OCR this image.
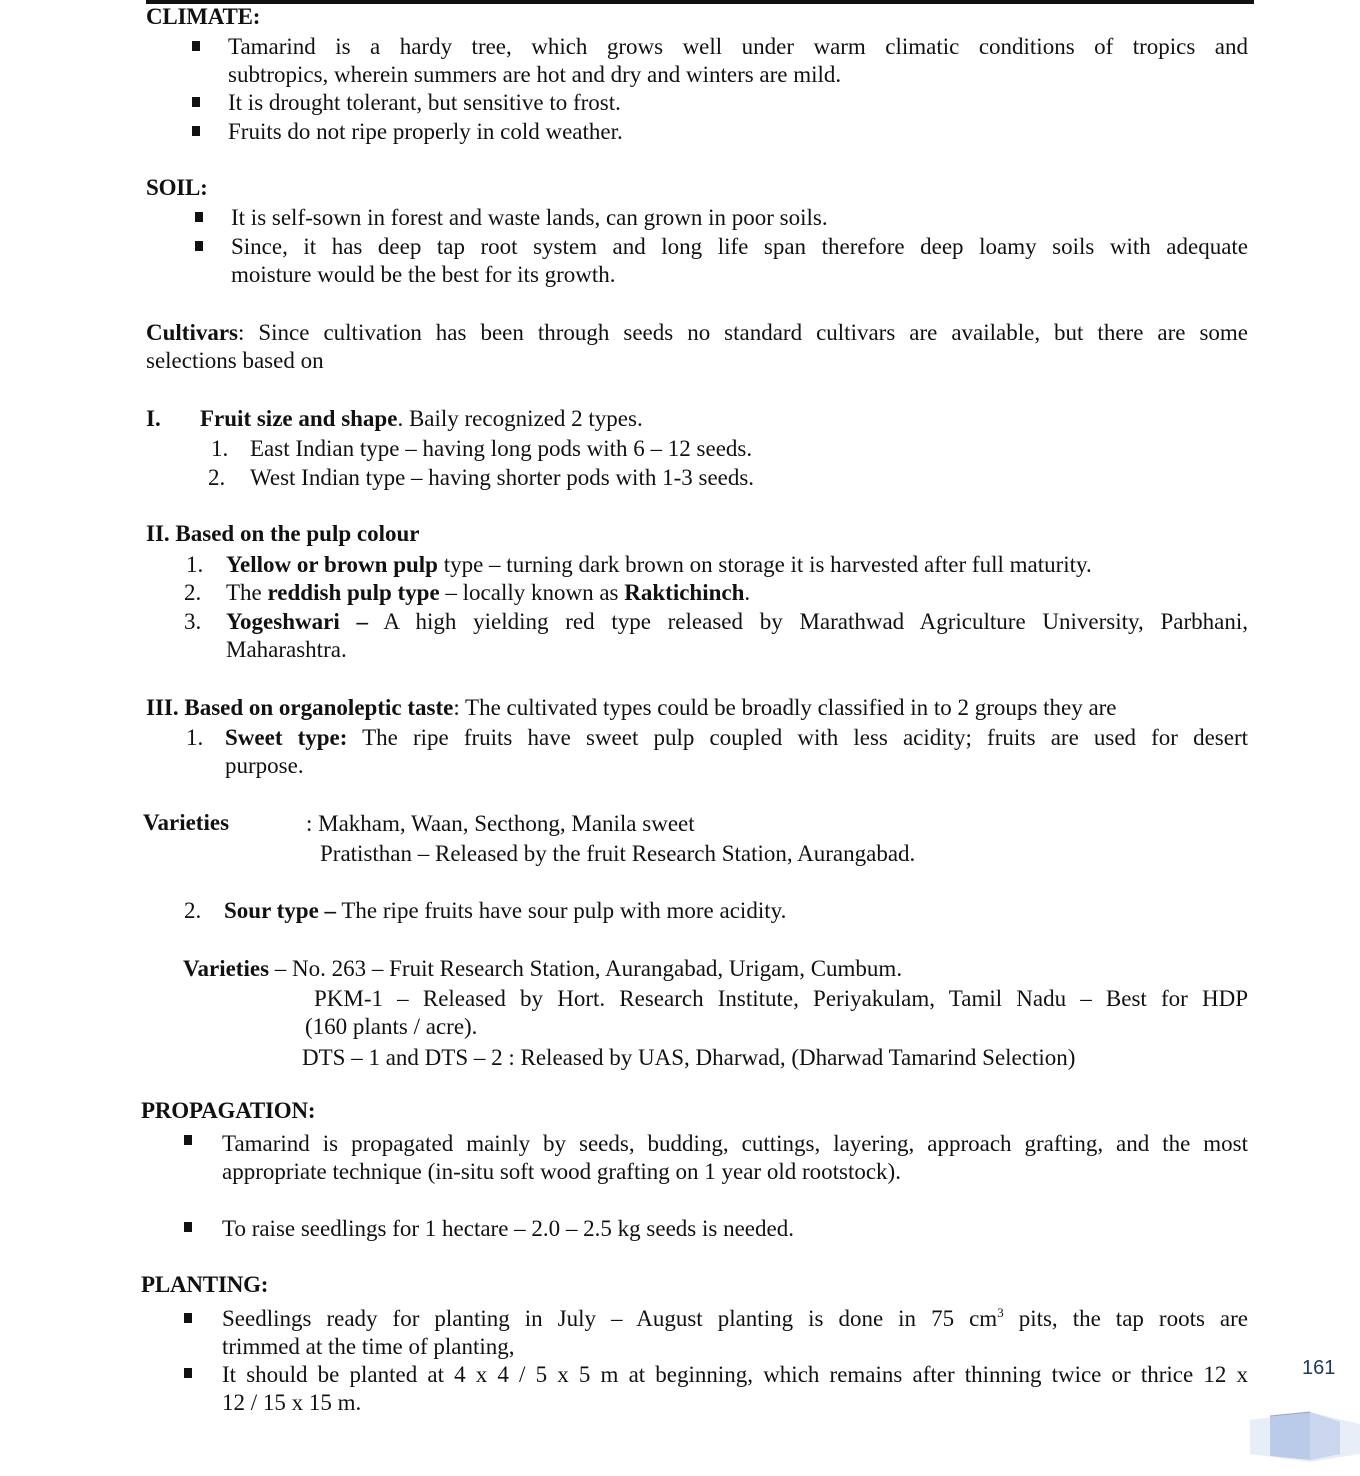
CLIMATE:
Tamarind is a hardy tree, which grows well under warm climatic conditions of tropics and
subtropics, wherein summers are hot and dry and winters are mild.
It is drought tolerant, but sensitive to frost.
Fruits do not ripe properly in cold weather.
SOIL:
It is self-sown in forest and waste lands, can grown in poor soils.
Since, it has deep tap root system and long life span therefore deep loamy soils with adequate
moisture would be the best for its growth.
Cultivars: Since cultivation has been through seeds no standard cultivars are available, but there are some
selections based on
I. Fruit size and shape. Baily recognized 2 types.
1. East Indian type – having long pods with 6 – 12 seeds.
2. West Indian type – having shorter pods with 1-3 seeds.
II. Based on the pulp colour
1. Yellow or brown pulp type – turning dark brown on storage it is harvested after full maturity.
2. The reddish pulp type – locally known as Raktichinch.
3. Yogeshwari – A high yielding red type released by Marathwad Agriculture University, Parbhani,
Maharashtra.
III. Based on organoleptic taste: The cultivated types could be broadly classified in to 2 groups they are
1. Sweet type: The ripe fruits have sweet pulp coupled with less acidity; fruits are used for desert
purpose.
Varieties	: Makham, Waan, Secthong, Manila sweet
Pratisthan – Released by the fruit Research Station, Aurangabad.
2. Sour type – The ripe fruits have sour pulp with more acidity.
Varieties – No. 263 – Fruit Research Station, Aurangabad, Urigam, Cumbum.
PKM-1 – Released by Hort. Research Institute, Periyakulam, Tamil Nadu – Best for HDP
(160 plants / acre).
DTS – 1 and DTS – 2 : Released by UAS, Dharwad, (Dharwad Tamarind Selection)
PROPAGATION:
Tamarind is propagated mainly by seeds, budding, cuttings, layering, approach grafting, and the most
appropriate technique (in-situ soft wood grafting on 1 year old rootstock).
To raise seedlings for 1 hectare – 2.0 – 2.5 kg seeds is needed.
PLANTING:
Seedlings ready for planting in July – August planting is done in 75 $cm^3$ pits, the tap roots are
trimmed at the time of planting,
It should be planted at 4 x 4 / 5 x 5 m at beginning, which remains after thinning twice or thrice 12 x
12 / 15 x 15 m.
161
